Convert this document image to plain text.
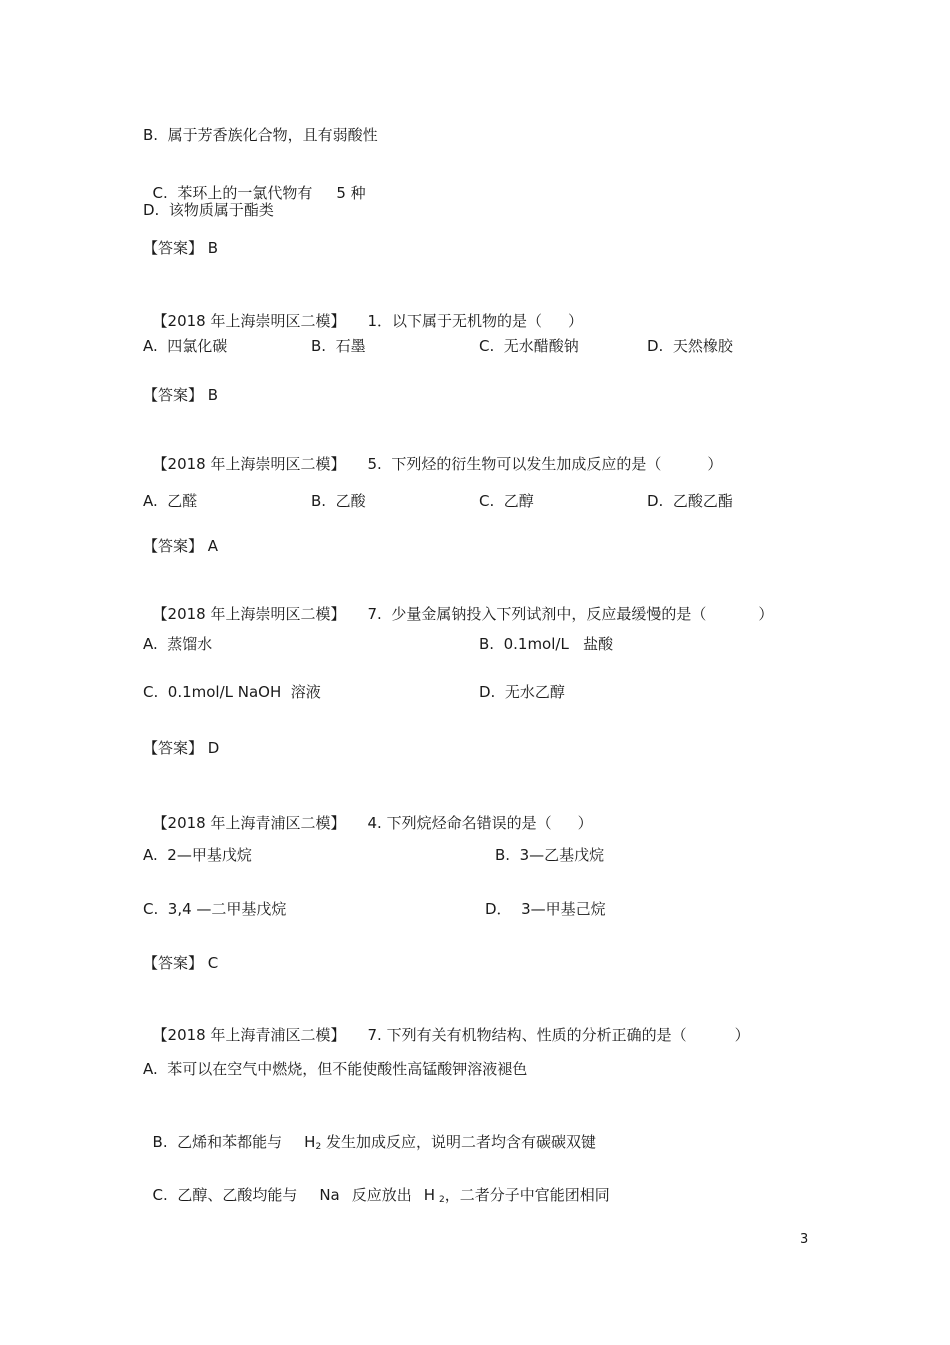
B.  属于芳香族化合物，且有弱酸性

C.  苯环上的一氯代物有 5 种

D.  该物质属于酯类
【答案】 B

【2018 年上海崇明区二模】 1．以下属于无机物的是（ ）

A.  四氯化碳	B.  石墨	C.  无水醋酸钠	D.  天然橡胶
【答案】 B

【2018 年上海崇明区二模】 5.  下列烃的衍生物可以发生加成反应的是（	）

A.  乙醛	B.  乙酸	C.  乙醇	D.  乙酸乙酯
【答案】 A

【2018 年上海崇明区二模】 7.  少量金属钠投入下列试剂中，反应最缓慢的是（	）

A.  蒸馏水	B.  0.1mol/L   盐酸
C.  0.1mol/L NaOH  溶液	D.  无水乙醇
【答案】 D

【2018 年上海青浦区二模】 4. 下列烷烃命名错误的是（ ）

A.  2—甲基戊烷	B.  3—乙基戊烷
C.  3,4 —二甲基戊烷	D．  3—甲基己烷
【答案】 C

【2018 年上海青浦区二模】 7. 下列有关有机物结构、性质的分析正确的是（	）

A.  苯可以在空气中燃烧，但不能使酸性高锰酸钾溶液褪色

B.  乙烯和苯都能与 $H_2$ 发生加成反应，说明二者均含有碳碳双键

C.  乙醇、乙酸均能与 Na 反应放出 H $_2$，二者分子中官能团相同

3
